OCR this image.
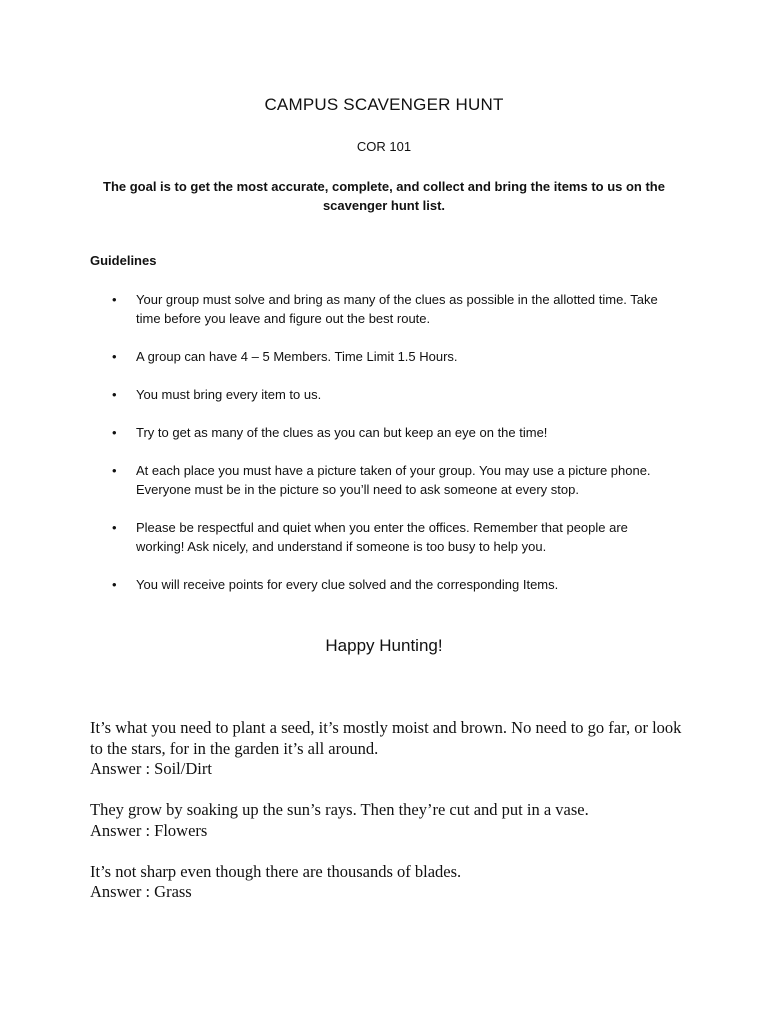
CAMPUS SCAVENGER HUNT
COR 101
The goal is to get the most accurate, complete, and collect and bring the items to us on the scavenger hunt list.
Guidelines
• Your group must solve and bring as many of the clues as possible in the allotted time. Take time before you leave and figure out the best route.
• A group can have 4 – 5 Members. Time Limit 1.5 Hours.
• You must bring every item to us.
• Try to get as many of the clues as you can but keep an eye on the time!
• At each place you must have a picture taken of your group. You may use a picture phone. Everyone must be in the picture so you’ll need to ask someone at every stop.
• Please be respectful and quiet when you enter the offices. Remember that people are working! Ask nicely, and understand if someone is too busy to help you.
• You will receive points for every clue solved and the corresponding Items.
Happy Hunting!

It’s what you need to plant a seed, it’s mostly moist and brown. No need to go far, or look to the stars, for in the garden it’s all around.

Answer : Soil/Dirt

They grow by soaking up the sun’s rays. Then they’re cut and put in a vase.

Answer : Flowers

It’s not sharp even though there are thousands of blades.

Answer : Grass
